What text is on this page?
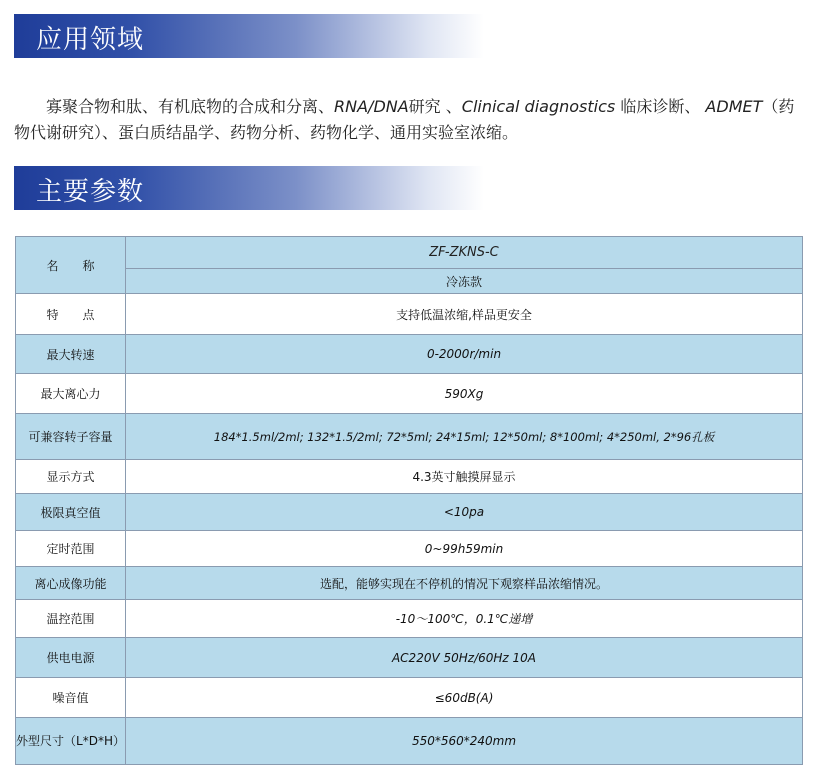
应用领域
寡聚合物和肽、有机底物的合成和分离、RNA/DNA研究 、Clinical diagnostics 临床诊断、 ADMET（药物代谢研究）、蛋白质结晶学、药物分析、药物化学、通用实验室浓缩。
主要参数
名　　称	ZF-ZKNS-C
	冷冻款
特　　点	支持低温浓缩,样品更安全
最大转速	0-2000r/min
最大离心力	590Xg
可兼容转子容量	184*1.5ml/2ml; 132*1.5/2ml; 72*5ml; 24*15ml; 12*50ml; 8*100ml; 4*250ml, 2*96孔板
显示方式	4.3英寸触摸屏显示
极限真空值	<10pa
定时范围	0~99h59min
离心成像功能	选配，能够实现在不停机的情况下观察样品浓缩情况。
温控范围	-10～100℃，0.1℃递增
供电电源	AC220V 50Hz/60Hz 10A
噪音值	≤60dB(A)
外型尺寸（L*D*H）	550*560*240mm
